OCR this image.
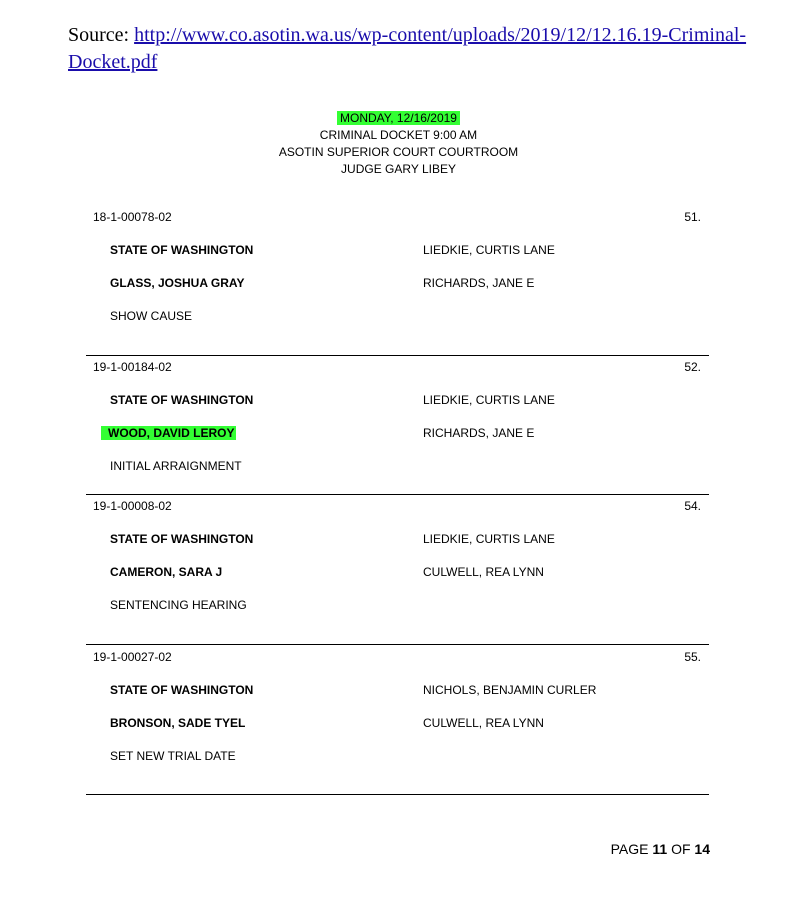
Source: http://www.co.asotin.wa.us/wp-content/uploads/2019/12/12.16.19-Criminal-
Docket.pdf
MONDAY, 12/16/2019
CRIMINAL DOCKET 9:00 AM
ASOTIN SUPERIOR COURT COURTROOM
JUDGE GARY LIBEY
18-1-00078-02	51.
STATE OF WASHINGTON	LIEDKIE, CURTIS LANE
GLASS, JOSHUA GRAY	RICHARDS, JANE E
SHOW CAUSE
19-1-00184-02	52.
STATE OF WASHINGTON	LIEDKIE, CURTIS LANE
WOOD, DAVID LEROY	RICHARDS, JANE E
INITIAL ARRAIGNMENT
19-1-00008-02	54.
STATE OF WASHINGTON	LIEDKIE, CURTIS LANE
CAMERON, SARA J	CULWELL, REA LYNN
SENTENCING HEARING
19-1-00027-02	55.
STATE OF WASHINGTON	NICHOLS, BENJAMIN CURLER
BRONSON, SADE TYEL	CULWELL, REA LYNN
SET NEW TRIAL DATE
PAGE 11 OF 14
